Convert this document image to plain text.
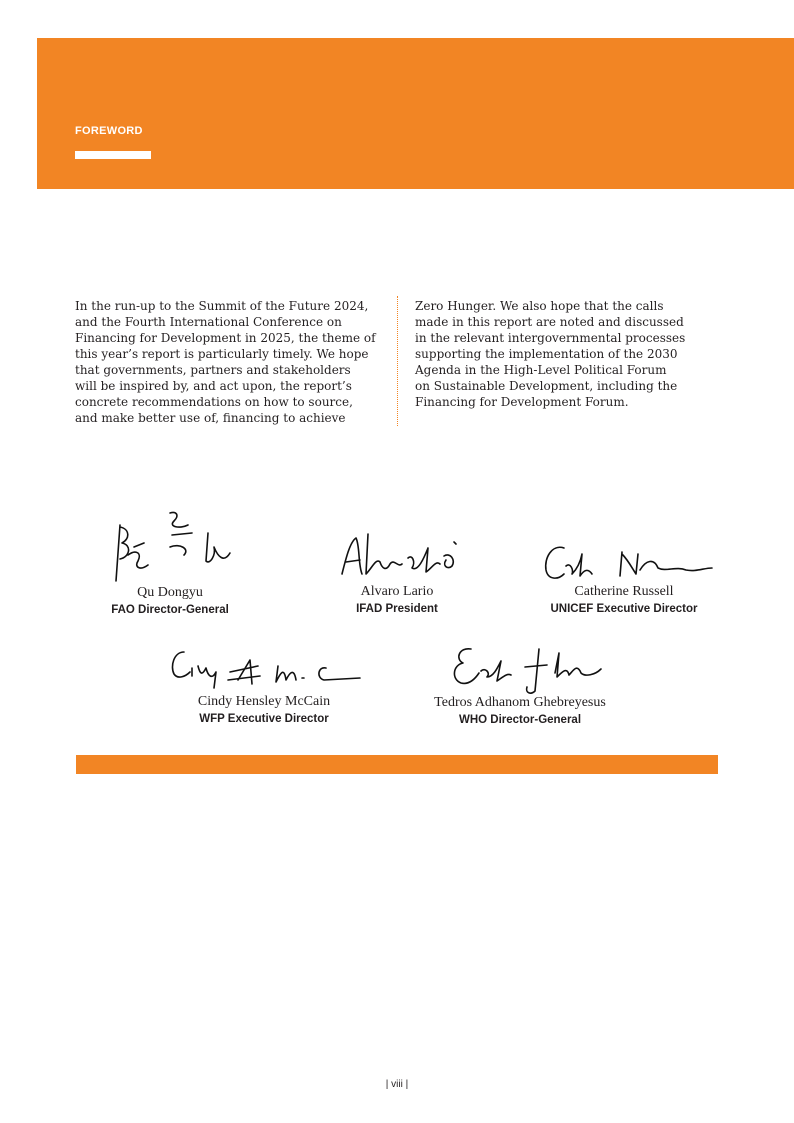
FOREWORD
In the run-up to the Summit of the Future 2024,
and the Fourth International Conference on
Financing for Development in 2025, the theme of
this year’s report is particularly timely. We hope
that governments, partners and stakeholders
will be inspired by, and act upon, the report’s
concrete recommendations on how to source,
and make better use of, financing to achieve
Zero Hunger. We also hope that the calls
made in this report are noted and discussed
in the relevant intergovernmental processes
supporting the implementation of the 2030
Agenda in the High-Level Political Forum
on Sustainable Development, including the
Financing for Development Forum.
Qu Dongyu
FAO Director-General
Alvaro Lario
IFAD President
Catherine Russell
UNICEF Executive Director
Cindy Hensley McCain
WFP Executive Director
Tedros Adhanom Ghebreyesus
WHO Director-General
| viii |
